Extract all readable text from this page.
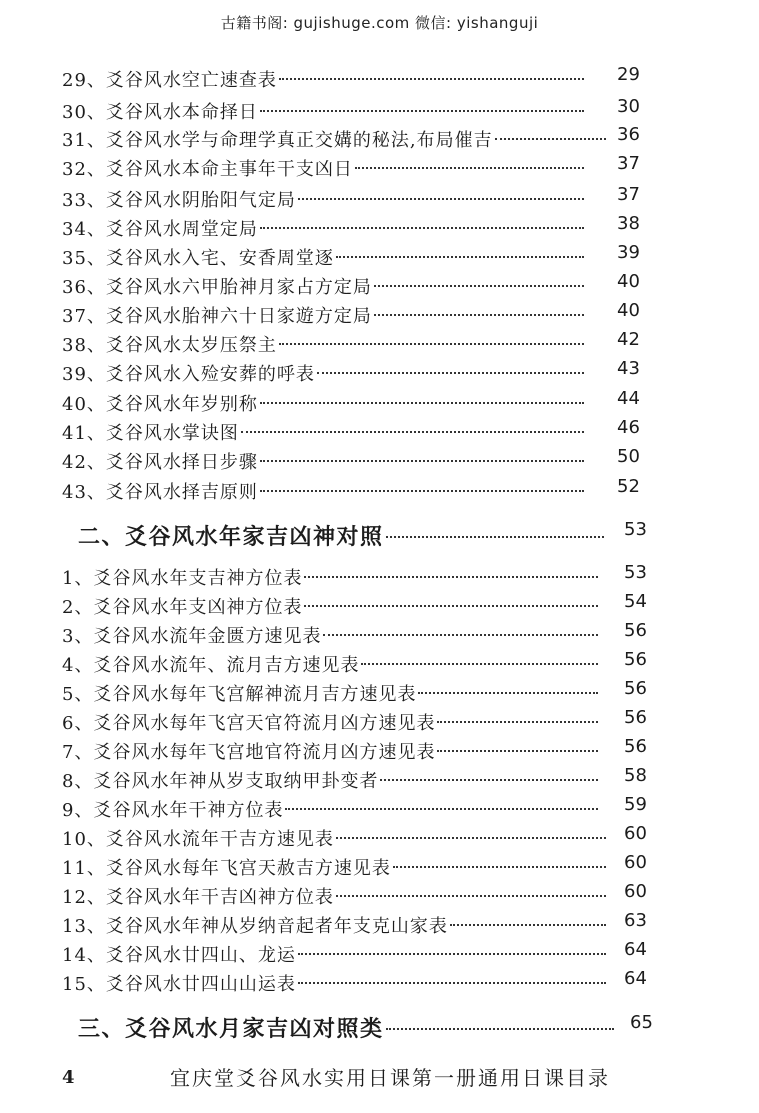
古籍书阁: gujishuge.com 微信: yishanguji
29、爻谷风水空亡速查表	29
30、爻谷风水本命择日	30
31、爻谷风水学与命理学真正交媾的秘法,布局催吉	36
32、爻谷风水本命主事年干支凶日	37
33、爻谷风水阴胎阳气定局	37
34、爻谷风水周堂定局	38
35、爻谷风水入宅、安香周堂逐	39
36、爻谷风水六甲胎神月家占方定局	40
37、爻谷风水胎神六十日家遊方定局	40
38、爻谷风水太岁压祭主	42
39、爻谷风水入殓安葬的呼表	43
40、爻谷风水年岁别称	44
41、爻谷风水掌诀图	46
42、爻谷风水择日步骤	50
43、爻谷风水择吉原则	52
二、爻谷风水年家吉凶神对照	53
1、爻谷风水年支吉神方位表	53
2、爻谷风水年支凶神方位表	54
3、爻谷风水流年金匮方速见表	56
4、爻谷风水流年、流月吉方速见表	56
5、爻谷风水每年飞宫解神流月吉方速见表	56
6、爻谷风水每年飞宫天官符流月凶方速见表	56
7、爻谷风水每年飞宫地官符流月凶方速见表	56
8、爻谷风水年神从岁支取纳甲卦变者	58
9、爻谷风水年干神方位表	59
10、爻谷风水流年干吉方速见表	60
11、爻谷风水每年飞宫天赦吉方速见表	60
12、爻谷风水年干吉凶神方位表	60
13、爻谷风水年神从岁纳音起者年支克山家表	63
14、爻谷风水廿四山、龙运	64
15、爻谷风水廿四山山运表	64
三、爻谷风水月家吉凶对照类	65
4	宜庆堂爻谷风水实用日课第一册通用日课目录
